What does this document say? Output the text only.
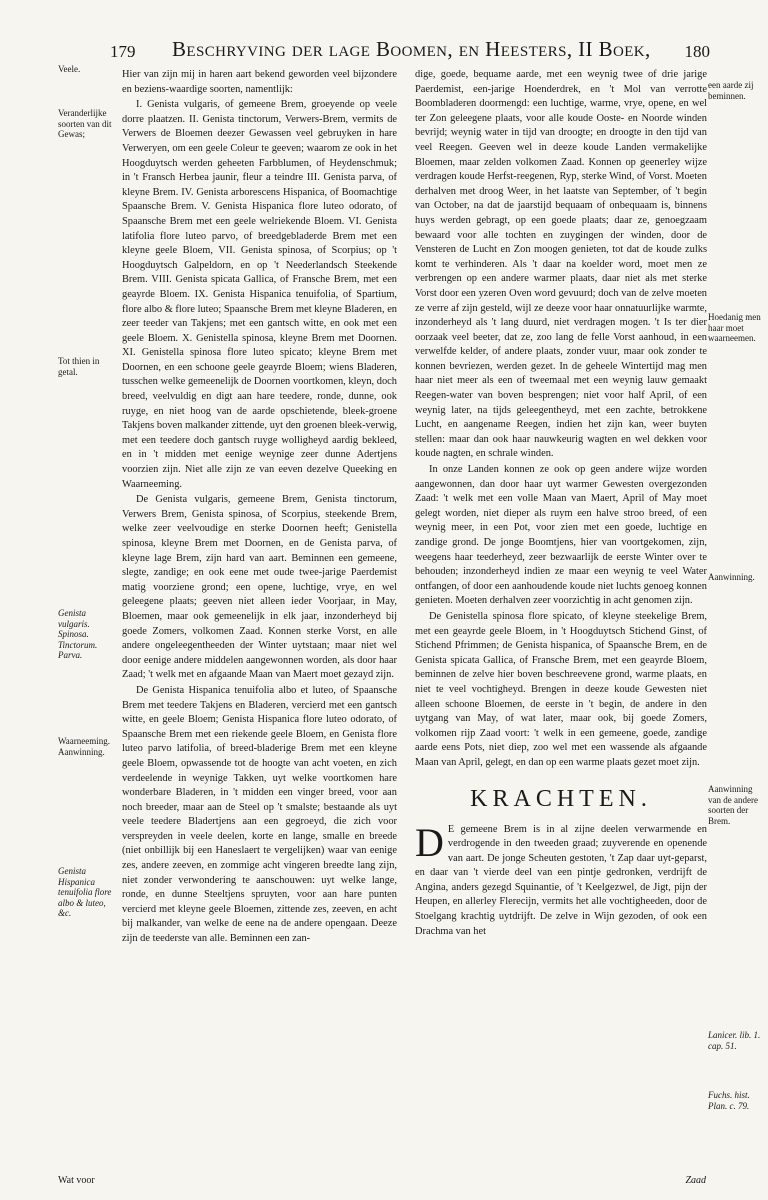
179 Beschryving der lage Boomen, en Heesters, II Boek, 180
Veele.
Veranderlijke soorten van dit Gewas;
Tot thien in getal.
Genista vulgaris. Spinosa. Tinctorum. Parva.
Waarneeming. Aanwinning.
Genista Hispanica tenuifolia flore albo & luteo, &c.
een aarde zij beminnen.
Hoedanig men haar moet waarneemen.
Aanwinning.
Aanwinning van de andere soorten der Brem.
Lanicer. lib. 1. cap. 51.
Fuchs. hist. Plan. c. 79.

Hier van zijn mij in haren aart bekend geworden veel bijzondere en beziens-waardige soorten, namentlijk:

I. Genista vulgaris, of gemeene Brem, groeyende op veele dorre plaatzen. II. Genista tinctorum, Verwers-Brem, vermits de Verwers de Bloemen deezer Gewassen veel gebruyken in hare Verweryen, om een geele Coleur te geeven; waarom ze ook in het Hoogduytsch werden geheeten Farbblumen, of Heydenschmuk; in 't Fransch Herbea jaunir, fleur a teindre III. Genista parva, of kleyne Brem. IV. Genista arborescens Hispanica, of Boomachtige Spaansche Brem. V. Genista Hispanica flore luteo odorato, of Spaansche Brem met een geele welriekende Bloem. VI. Genista latifolia flore luteo parvo, of breedgebladerde Brem met een kleyne geele Bloem, VII. Genista spinosa, of Scorpius; op 't Hoogduytsch Galpeldorn, en op 't Neederlandsch Steekende Brem. VIII. Genista spicata Gallica, of Fransche Brem, met een geayrde Bloem. IX. Genista Hispanica tenuifolia, of Spartium, flore albo & flore luteo; Spaansche Brem met kleyne Bladeren, en zeer teeder van Takjens; met een gantsch witte, en ook met een geele Bloem. X. Genistella spinosa, kleyne Brem met Doornen. XI. Genistella spinosa flore luteo spicato; kleyne Brem met Doornen, en een schoone geele geayrde Bloem; wiens Bladeren, tusschen welke gemeenelijk de Doornen voortkomen, kleyn, doch breed, veelvuldig en digt aan hare teedere, ronde, dunne, ook ruyge, en niet hoog van de aarde opschietende, bleek-groene Takjens boven malkander zittende, uyt den groenen bleek-verwig, met een teedere doch gantsch ruyge wolligheyd aardig bekleed, en in 't midden met eenige weynige zeer dunne Adertjens voorzien zijn. Niet alle zijn ze van eeven dezelve Queeking en Waarneeming.

De Genista vulgaris, gemeene Brem, Genista tinctorum, Verwers Brem, Genista spinosa, of Scorpius, steekende Brem, welke zeer veelvoudige en sterke Doornen heeft; Genistella spinosa, kleyne Brem met Doornen, en de Genista parva, of kleyne lage Brem, zijn hard van aart. Beminnen een gemeene, slegte, zandige; en ook eene met oude twee-jarige Paerdemist matig voorziene grond; een opene, luchtige, vrye, en wel geleegene plaats; geeven niet alleen ieder Voorjaar, in May, Bloemen, maar ook gemeenelijk in elk jaar, inzonderheyd bij goede Zomers, volkomen Zaad. Konnen sterke Vorst, en alle andere ongeleegentheeden der Winter uytstaan; maar niet wel door eenige andere middelen aangewonnen worden, als door haar Zaad; 't welk met en afgaande Maan van Maert moet gezayd zijn.

De Genista Hispanica tenuifolia albo et luteo, of Spaansche Brem met teedere Takjens en Bladeren, vercierd met een gantsch witte, en geele Bloem; Genista Hispanica flore luteo odorato, of Spaansche Brem met een riekende geele Bloem, en Genista flore luteo parvo latifolia, of breed-bladerige Brem met een kleyne geele Bloem, opwassende tot de hoogte van acht voeten, en zich verdeelende in weynige Takken, uyt welke voortkomen hare wonderbare Bladeren, in 't midden een vinger breed, voor aan noch breeder, maar aan de Steel op 't smalste; bestaande als uyt veele teedere Bladertjens aan een gegroeyd, die zich voor verspreyden in veele deelen, korte en lange, smalle en breede (niet onbillijk bij een Haneslaert te vergelijken) waar van eenige zes, andere zeeven, en zommige acht vingeren breedte lang zijn, niet zonder verwondering te aanschouwen: uyt welke lange, ronde, en dunne Steeltjens spruyten, voor aan hare punten vercierd met kleyne geele Bloemen, zittende zes, zeeven, en acht bij malkander, van welke de eene na de andere opengaan. Deeze zijn de teederste van alle. Beminnen een zan-

dige, goede, bequame aarde, met een weynig twee of drie jarige Paerdemist, een-jarige Hoenderdrek, en 't Mol van verrotte Boombladeren doormengd: een luchtige, warme, vrye, opene, en wel ter Zon geleegene plaats, voor alle koude Ooste- en Noorde winden bevrijd; weynig water in tijd van droogte; en droogte in den tijd van veel Reegen. Geeven wel in deeze koude Landen vermakelijke Bloemen, maar zelden volkomen Zaad. Konnen op geenerley wijze verdragen koude Herfst-reegenen, Ryp, sterke Wind, of Vorst. Moeten derhalven met droog Weer, in het laatste van September, of 't begin van October, na dat de jaarstijd bequaam of onbequaam is, binnens huys werden gebragt, op een goede plaats; daar ze, genoegzaam bewaard voor alle tochten en zuygingen der winden, door de Vensteren de Lucht en Zon moogen genieten, tot dat de koude zulks komt te verhinderen. Als 't daar na koelder word, moet men ze verbrengen op een andere warmer plaats, daar niet als met sterke Vorst door een yzeren Oven word gevuurd; doch van de zelve moeten ze verre af zijn gesteld, wijl ze deeze voor haar onnatuurlijke warmte, inzonderheyd als 't lang duurd, niet verdragen mogen. 't Is ter dier oorzaak veel beeter, dat ze, zoo lang de felle Vorst aanhoud, in een verwelfde kelder, of andere plaats, zonder vuur, maar ook zonder te konnen bevriezen, werden gezet. In de geheele Wintertijd mag men haar niet meer als een of tweemaal met een weynig lauw gemaakt Reegen-water van boven besprengen; niet voor half April, of een weynig later, na tijds geleegentheyd, met een zachte, betrokkene Lucht, en aangename Reegen, indien het zijn kan, weer buyten stellen: maar dan ook haar nauwkeurig wagten en wel dekken voor koude nagten, en schrale winden.

In onze Landen konnen ze ook op geen andere wijze worden aangewonnen, dan door haar uyt warmer Gewesten overgezonden Zaad: 't welk met een volle Maan van Maert, April of May moet gelegt worden, niet dieper als ruym een halve stroo breed, of een weynig meer, in een Pot, voor zien met een goede, luchtige en zandige grond. De jonge Boomtjens, hier van voortgekomen, zijn, weegens haar teederheyd, zeer bezwaarlijk de eerste Winter over te behouden; inzonderheyd indien ze maar een weynig te veel Water ontfangen, of door een aanhoudende koude niet luchts genoeg konnen genieten. Moeten derhalven zeer voorzichtig in acht genomen zijn.

De Genistella spinosa flore spicato, of kleyne steekelige Brem, met een geayrde geele Bloem, in 't Hoogduytsch Stichend Ginst, of Stichend Pfrimmen; de Genista hispanica, of Spaansche Brem, en de Genista spicata Gallica, of Fransche Brem, met een geayrde Bloem, beminnen de zelve hier boven beschreevene grond, warme plaats, en niet te veel vochtigheyd. Brengen in deeze koude Gewesten niet alleen schoone Bloemen, de eerste in 't begin, de andere in den uytgang van May, of wat later, maar ook, bij goede Zomers, volkomen rijp Zaad voort: 't welk in een gemeene, goede, zandige aarde eens Pots, niet diep, zoo wel met een wassende als afgaande Maan van April, gelegt, en dan op een warme plaats gezet moet zijn.

KRACHTEN.

D E gemeene Brem is in al zijne deelen verwarmende en verdrogende in den tweeden graad; zuyverende en openende van aart. De jonge Scheuten gestoten, 't Zap daar uyt-geparst, en daar van 't vierde deel van een pintje gedronken, verdrijft de Angina, anders gezegd Squinantie, of 't Keelgezwel, de Jigt, pijn der Heupen, en allerley Flerecijn, vermits het alle vochtigheeden, door de Stoelgang krachtig uytdrijft. De zelve in Wijn gezoden, of ook een Drachma van het

Wat voor	Zaad
